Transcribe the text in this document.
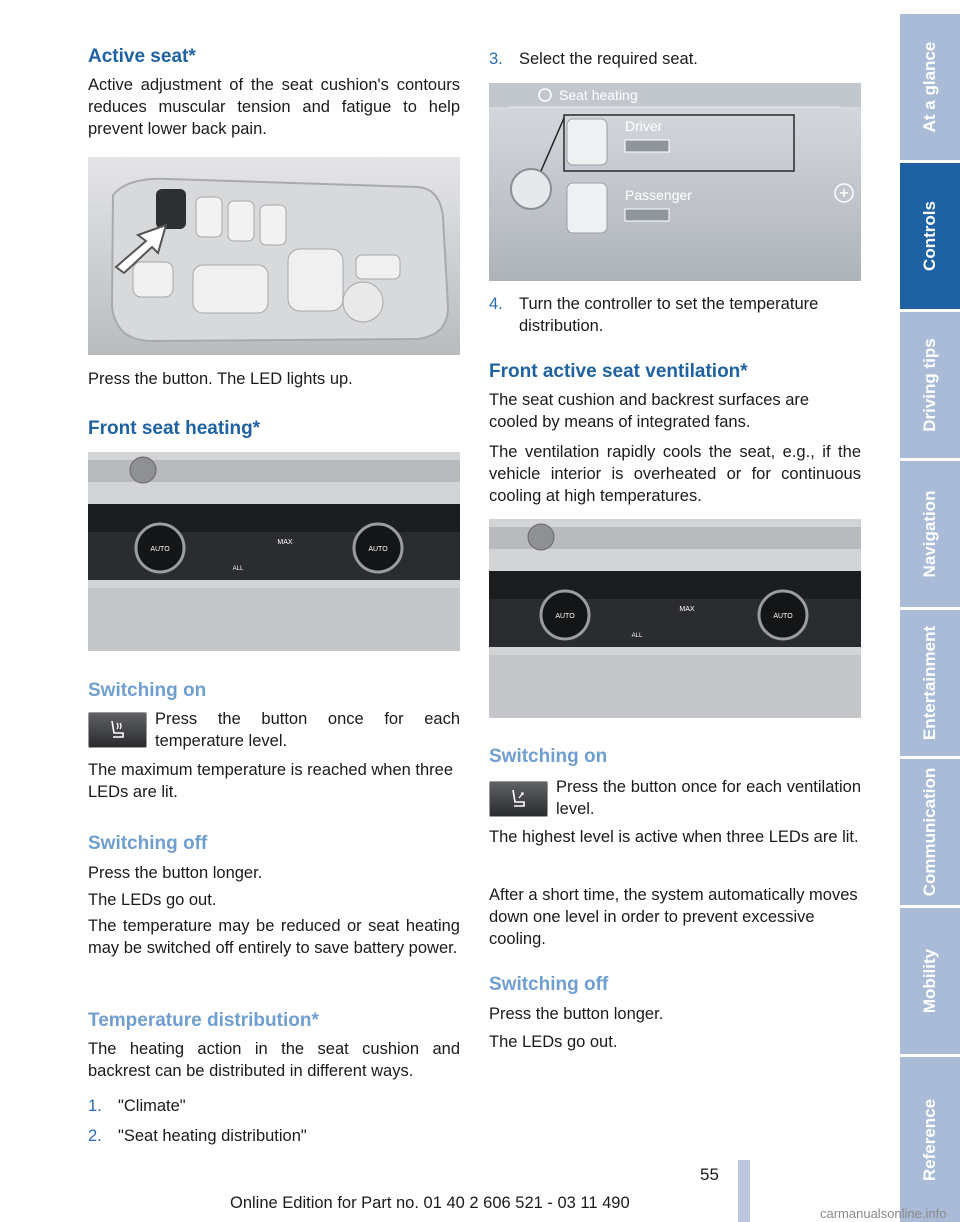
Active seat*
Active adjustment of the seat cushion's contours reduces muscular tension and fatigue to help prevent lower back pain.
Press the button. The LED lights up.
Front seat heating*
AUTO	AUTO
MAX
ALL
Switching on
Press the button once for each temperature level.
The maximum temperature is reached when three LEDs are lit.
Switching off
Press the button longer.
The LEDs go out.
The temperature may be reduced or seat heating may be switched off entirely to save battery power.
Temperature distribution*
The heating action in the seat cushion and backrest can be distributed in different ways.
1. "Climate"
2. "Seat heating distribution"
3. Select the required seat.
Seat heating
Driver
Passenger
4. Turn the controller to set the temperature distribution.
Front active seat ventilation*
The seat cushion and backrest surfaces are cooled by means of integrated fans.
The ventilation rapidly cools the seat, e.g., if the vehicle interior is overheated or for continuous cooling at high temperatures.
AUTO	AUTO
MAX
ALL
Switching on
Press the button once for each ventilation level.
The highest level is active when three LEDs are lit.
After a short time, the system automatically moves down one level in order to prevent excessive cooling.
Switching off
Press the button longer.
The LEDs go out.
At a glance
Controls
Driving tips
Navigation
Entertainment
Communication
Mobility
Reference
55
Online Edition for Part no. 01 40 2 606 521 - 03 11 490
carmanualsonline.info
